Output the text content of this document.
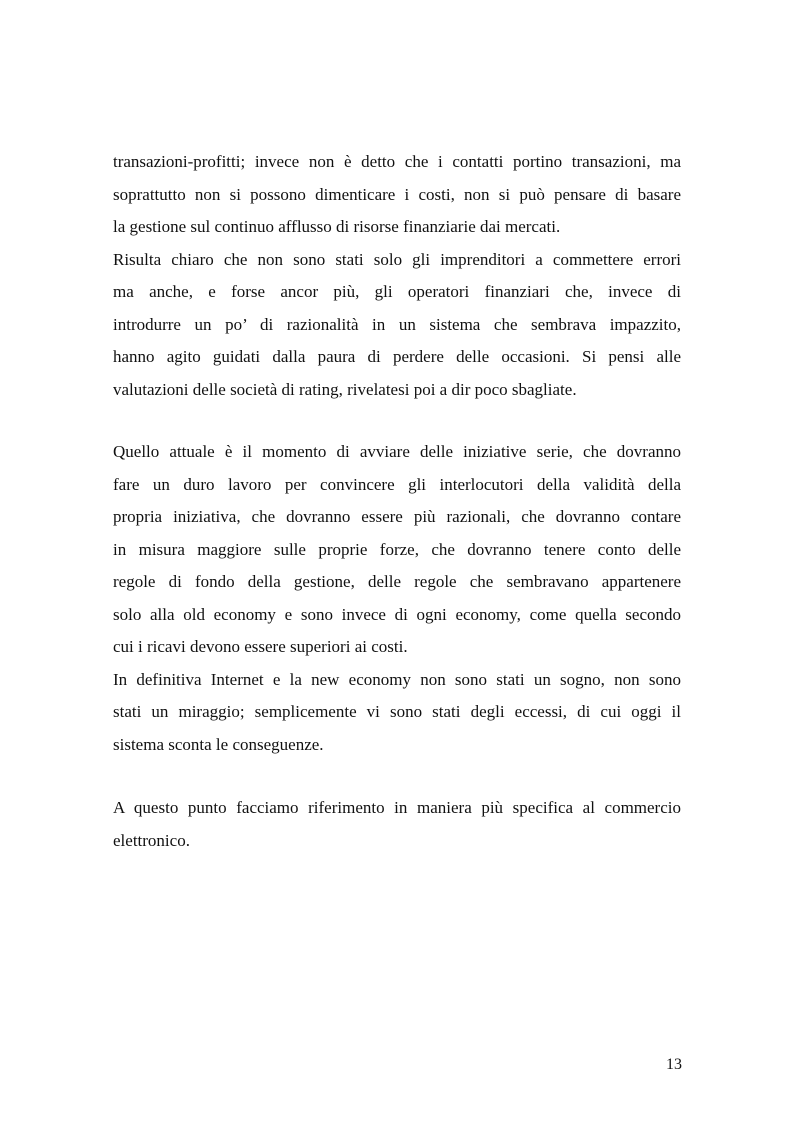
transazioni-profitti; invece non è detto che i contatti portino transazioni, ma
soprattutto non si possono dimenticare i costi, non si può pensare di basare
la gestione sul continuo afflusso di risorse finanziarie dai mercati.
Risulta chiaro che non sono stati solo gli imprenditori a commettere errori
ma anche, e forse ancor più, gli operatori finanziari che, invece di
introdurre un po’ di razionalità in un sistema che sembrava impazzito,
hanno agito guidati dalla paura di perdere delle occasioni. Si pensi alle
valutazioni delle società di rating, rivelatesi poi a dir poco sbagliate.
Quello attuale è il momento di avviare delle iniziative serie, che dovranno
fare un duro lavoro per convincere gli interlocutori della validità della
propria iniziativa, che dovranno essere più razionali, che dovranno contare
in misura maggiore sulle proprie forze, che dovranno tenere conto delle
regole di fondo della gestione, delle regole che sembravano appartenere
solo alla old economy e sono invece di ogni economy, come quella secondo
cui i ricavi devono essere superiori ai costi.
In definitiva Internet e la new economy non sono stati un sogno, non sono
stati un miraggio; semplicemente vi sono stati degli eccessi, di cui oggi il
sistema sconta le conseguenze.
A questo punto facciamo riferimento in maniera più specifica al commercio
elettronico.
13
